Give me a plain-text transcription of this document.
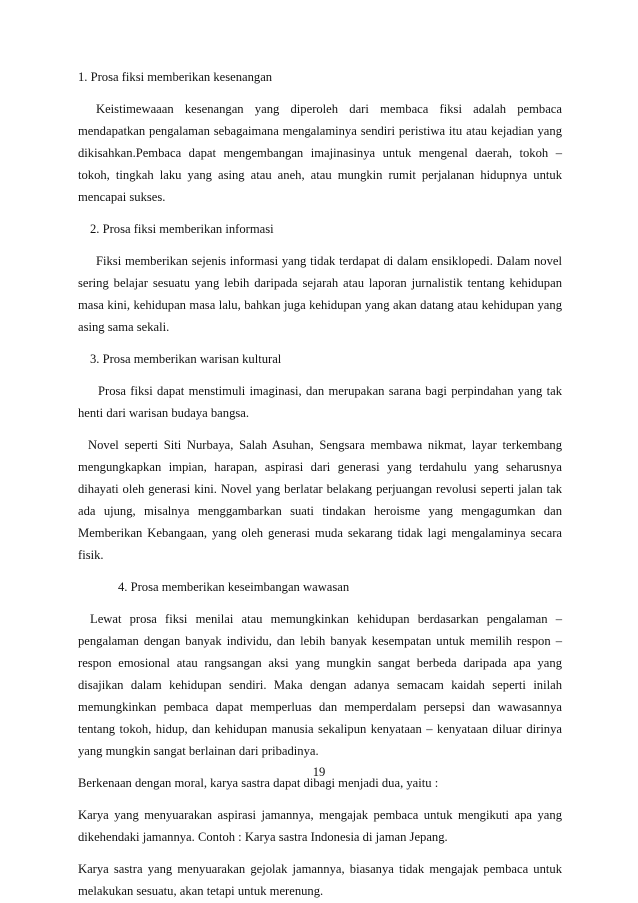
1. Prosa fiksi memberikan kesenangan

Keistimewaaan kesenangan yang diperoleh dari membaca fiksi adalah pembaca mendapatkan pengalaman sebagaimana mengalaminya sendiri peristiwa itu atau kejadian yang dikisahkan.Pembaca dapat mengembangan imajinasinya untuk mengenal daerah, tokoh – tokoh, tingkah laku yang asing atau aneh, atau mungkin rumit perjalanan hidupnya untuk mencapai sukses.

2. Prosa fiksi memberikan informasi

Fiksi memberikan sejenis informasi yang tidak terdapat di dalam ensiklopedi. Dalam novel sering belajar sesuatu yang lebih daripada sejarah atau laporan jurnalistik tentang kehidupan masa kini, kehidupan masa lalu, bahkan juga kehidupan yang akan datang atau kehidupan yang asing sama sekali.

3. Prosa memberikan warisan kultural

Prosa fiksi dapat menstimuli imaginasi, dan merupakan sarana bagi perpindahan yang tak henti dari warisan budaya bangsa.

Novel seperti Siti Nurbaya, Salah Asuhan, Sengsara membawa nikmat, layar terkembang mengungkapkan impian, harapan, aspirasi dari generasi yang terdahulu yang seharusnya dihayati oleh generasi kini. Novel yang berlatar belakang perjuangan revolusi seperti jalan tak ada ujung, misalnya menggambarkan suati tindakan heroisme yang mengagumkan dan Memberikan Kebangaan, yang oleh generasi muda sekarang tidak lagi mengalaminya secara fisik.

4. Prosa memberikan keseimbangan wawasan

Lewat prosa fiksi menilai atau memungkinkan kehidupan berdasarkan pengalaman – pengalaman dengan banyak individu, dan lebih banyak kesempatan untuk memilih respon – respon emosional atau rangsangan aksi yang mungkin sangat berbeda daripada apa yang disajikan dalam kehidupan sendiri. Maka dengan adanya semacam kaidah seperti inilah memungkinkan pembaca dapat memperluas dan memperdalam persepsi dan wawasannya tentang tokoh, hidup, dan kehidupan manusia sekalipun kenyataan – kenyataan diluar dirinya yang mungkin sangat berlainan dari pribadinya.

Berkenaan dengan moral, karya sastra dapat dibagi menjadi dua, yaitu :

Karya yang menyuarakan aspirasi jamannya, mengajak pembaca untuk mengikuti apa yang dikehendaki jamannya. Contoh : Karya sastra Indonesia di jaman Jepang.

Karya sastra yang menyuarakan gejolak jamannya, biasanya tidak mengajak pembaca untuk melakukan sesuatu, akan tetapi untuk merenung.

19
